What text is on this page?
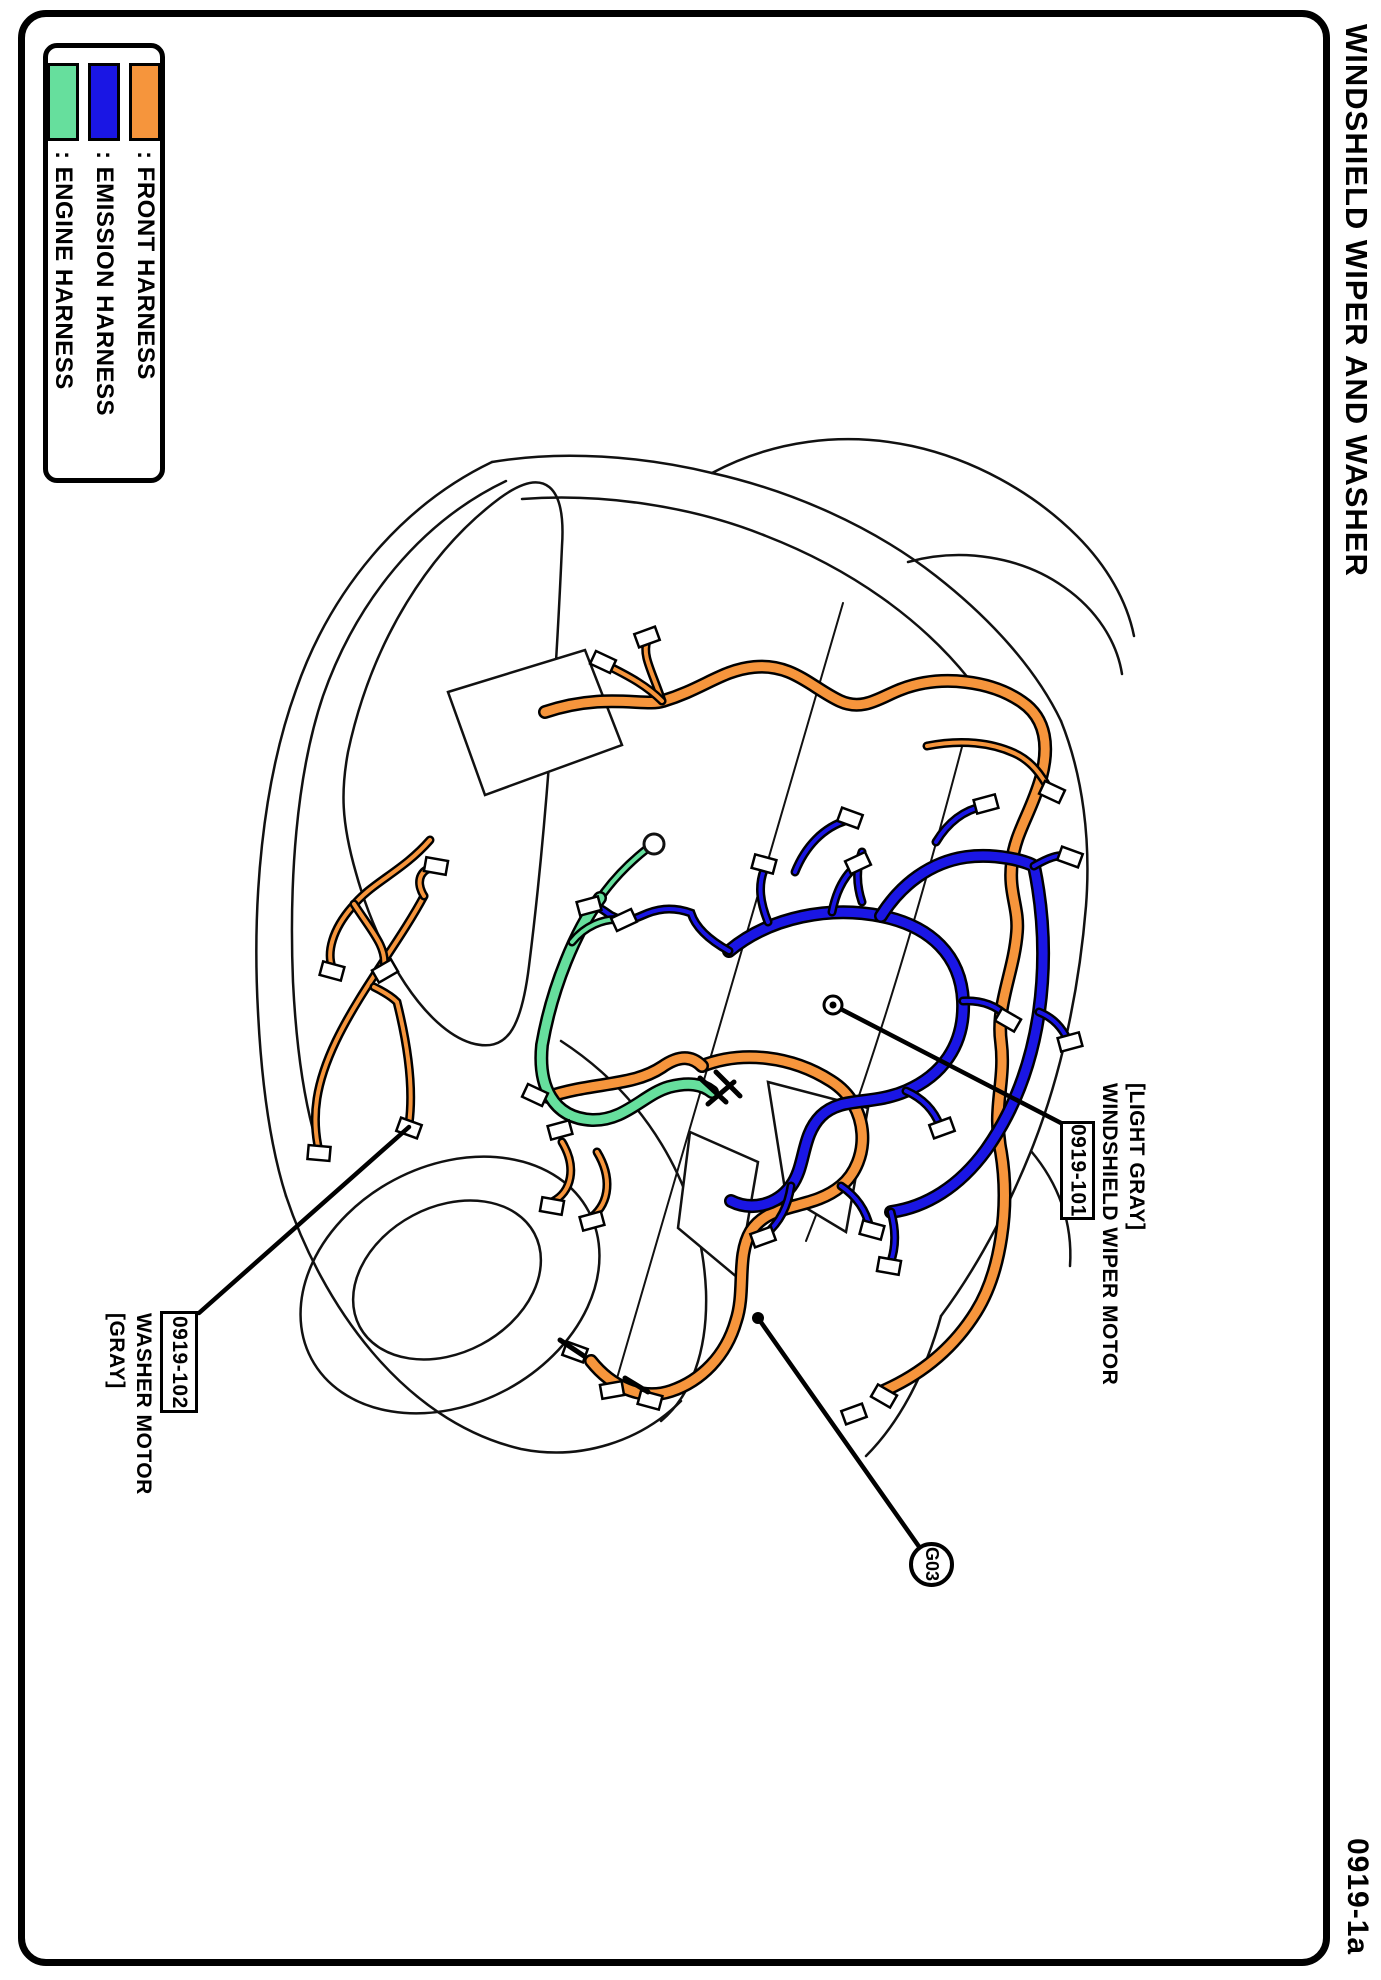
WINDSHIELD WIPER AND WASHER
0919-1a
: FRONT HARNESS
: EMISSION HARNESS
: ENGINE HARNESS
0919-102
WASHER MOTOR
[GRAY]
0919-101 [LIGHT GRAY]
WINDSHIELD WIPER MOTOR
G03
